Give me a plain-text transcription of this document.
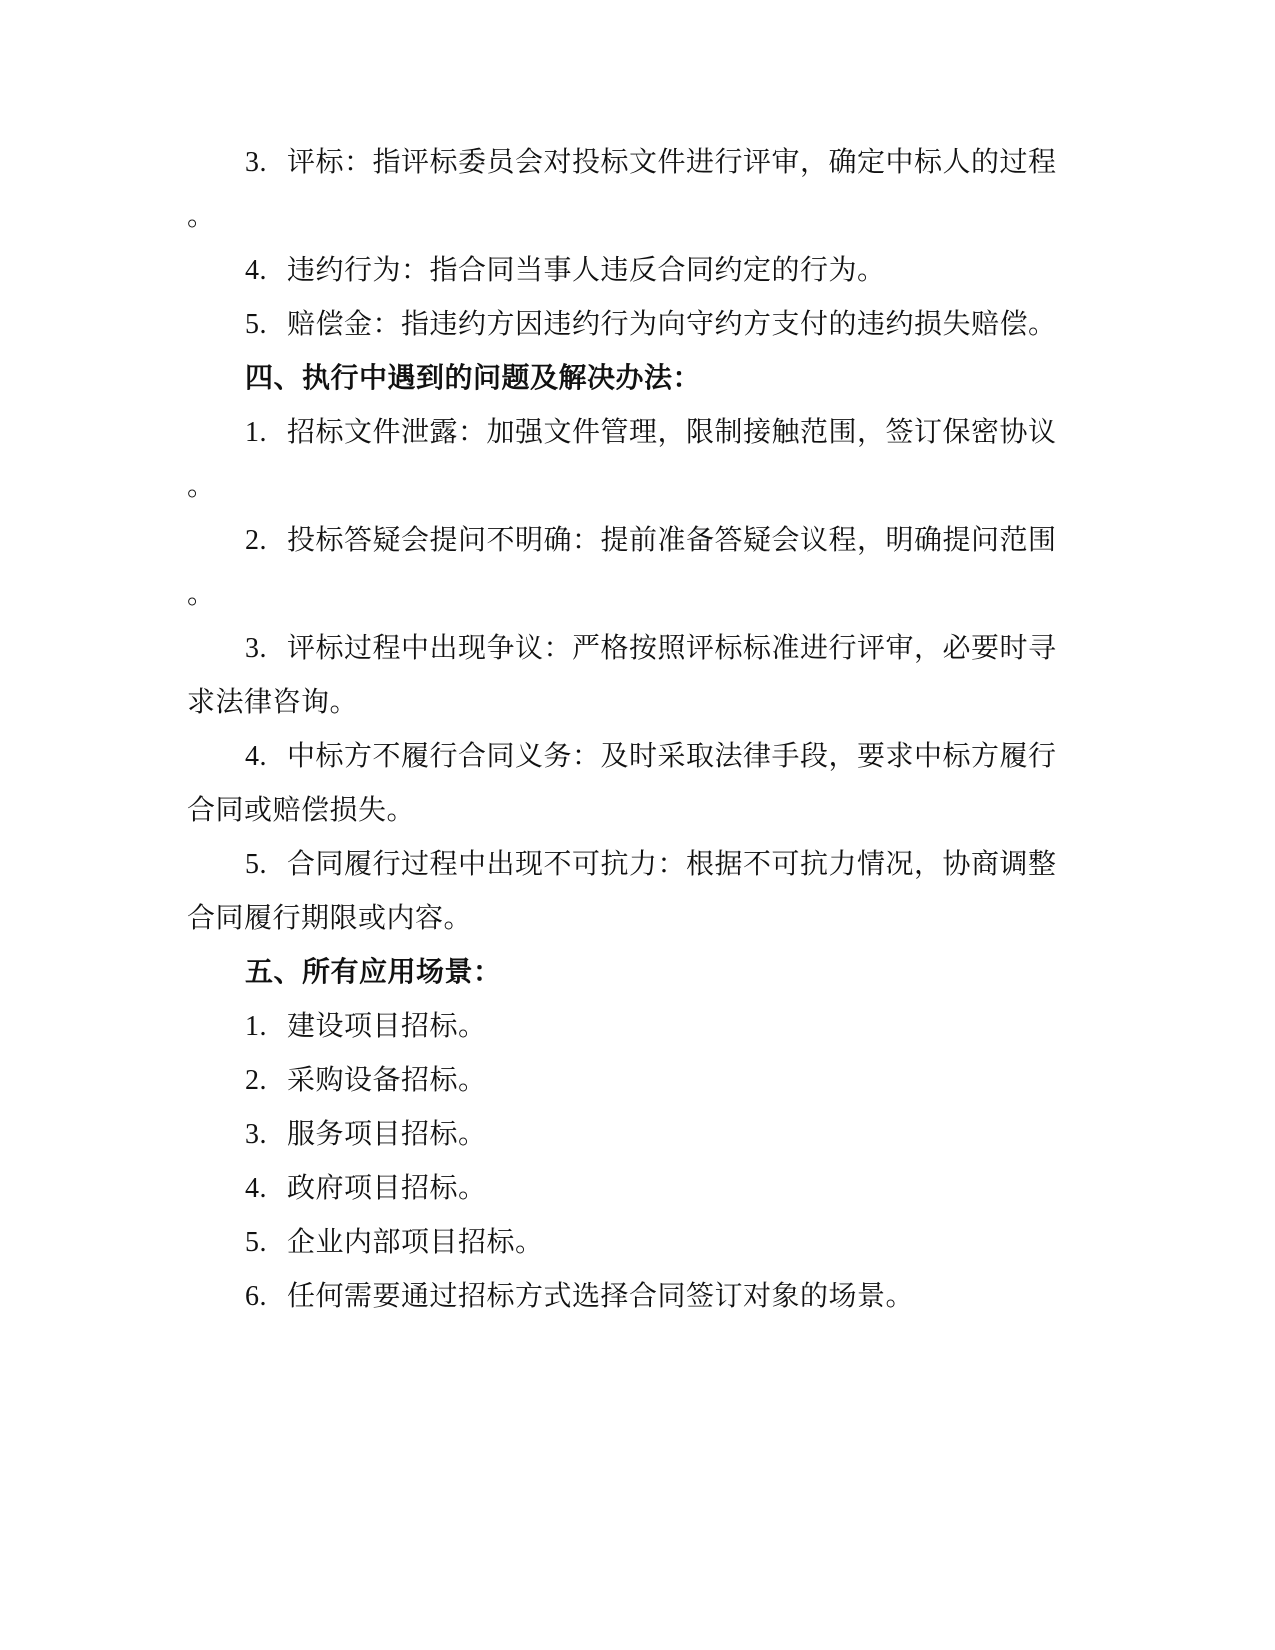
3. 评标：指评标委员会对投标文件进行评审，确定中标人的过程
。
4. 违约行为：指合同当事人违反合同约定的行为。
5. 赔偿金：指违约方因违约行为向守约方支付的违约损失赔偿。
四、执行中遇到的问题及解决办法：
1. 招标文件泄露：加强文件管理，限制接触范围，签订保密协议
。
2. 投标答疑会提问不明确：提前准备答疑会议程，明确提问范围
。
3. 评标过程中出现争议：严格按照评标标准进行评审，必要时寻
求法律咨询。
4. 中标方不履行合同义务：及时采取法律手段，要求中标方履行
合同或赔偿损失。
5. 合同履行过程中出现不可抗力：根据不可抗力情况，协商调整
合同履行期限或内容。
五、所有应用场景：
1. 建设项目招标。
2. 采购设备招标。
3. 服务项目招标。
4. 政府项目招标。
5. 企业内部项目招标。
6. 任何需要通过招标方式选择合同签订对象的场景。
